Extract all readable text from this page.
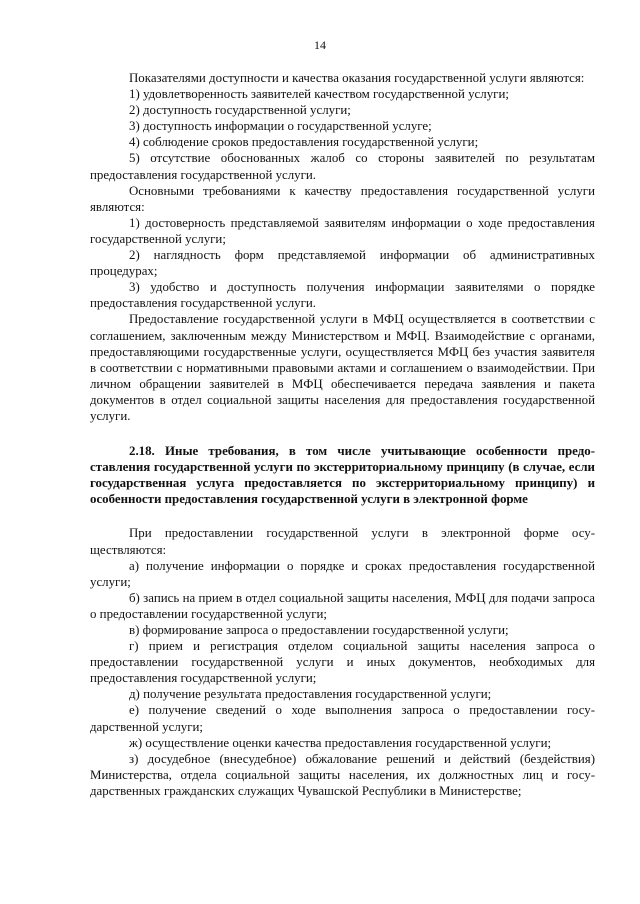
14

Показателями доступности и качества оказания государственной услуги являются:

1) удовлетворенность заявителей качеством государственной услуги;

2) доступность государственной услуги;

3) доступность информации о государственной услуге;

4) соблюдение сроков предоставления государственной услуги;

5) отсутствие обоснованных жалоб со стороны заявителей по результатам предоставления государственной услуги.

Основными требованиями к качеству предоставления государственной услуги являются:

1) достоверность представляемой заявителям информации о ходе предоставления государственной услуги;

2) наглядность форм представляемой информации об административных процедурах;

3) удобство и доступность получения информации заявителями о порядке предоставления государственной услуги.

Предоставление государственной услуги в МФЦ осуществляется в соответствии с соглашением, заключенным между Министерством и МФЦ. Взаимодействие с органами, предоставляющими государственные услуги, осуществляется МФЦ без участия заявителя в соответствии с нормативными правовыми актами и соглашением о взаимодействии. При личном обращении заявителей в МФЦ обеспечивается передача заявления и пакета документов в отдел социальной защиты населения для предоставления государственной услуги.

2.18. Иные требования, в том числе учитывающие особенности предоставления государственной услуги по экстерриториальному принципу (в случае, если государственная услуга предоставляется по экстерриториальному принципу) и особенности предоставления государственной услуги в электронной форме

При предоставлении государственной услуги в электронной форме осуществляются:

а) получение информации о порядке и сроках предоставления государственной услуги;

б) запись на прием в отдел социальной защиты населения, МФЦ для подачи запроса о предоставлении государственной услуги;

в) формирование запроса о предоставлении государственной услуги;

г) прием и регистрация отделом социальной защиты населения запроса о предоставлении государственной услуги и иных документов, необходимых для предоставления государственной услуги;

д) получение результата предоставления государственной услуги;

е) получение сведений о ходе выполнения запроса о предоставлении государственной услуги;

ж) осуществление оценки качества предоставления государственной услуги;

з) досудебное (внесудебное) обжалование решений и действий (бездействия) Министерства, отдела социальной защиты населения, их должностных лиц и государственных гражданских служащих Чувашской Республики в Министерстве;
